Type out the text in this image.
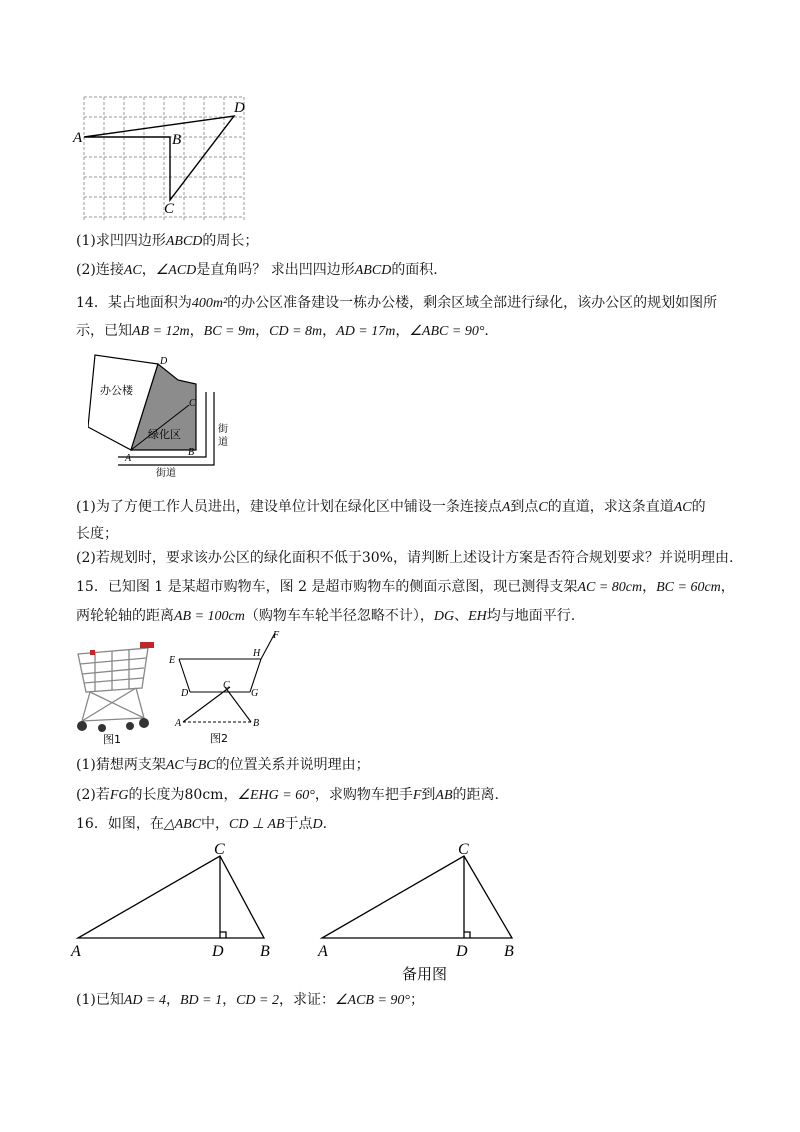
A	B
C
D
(1)求凹四边形ABCD的周长；
(2)连接AC，∠ACD是直角吗？ 求出凹四边形ABCD的面积.
14．某占地面积为400m²的办公区准备建设一栋办公楼，剩余区域全部进行绿化，该办公区的规划如图所
示，已知AB = 12m，BC = 9m，CD = 8m，AD = 17m，∠ABC = 90°.
办公楼
绿化区
街道
街
道
A
B
C
D
(1)为了方便工作人员进出，建设单位计划在绿化区中铺设一条连接点A到点C的直道，求这条直道AC的
长度；
(2)若规划时，要求该办公区的绿化面积不低于30%，请判断上述设计方案是否符合规划要求？并说明理由.
15．已知图 1 是某超市购物车，图 2 是超市购物车的侧面示意图，现已测得支架AC = 80cm，BC = 60cm，
两轮轮轴的距离AB = 100cm（购物车车轮半径忽略不计），DG、EH均与地面平行.
图1
E
F
H
D
C
G
A	B
图2
(1)猜想两支架AC与BC的位置关系并说明理由；
(2)若FG的长度为80cm，∠EHG = 60°，求购物车把手F到AB的距离.
16．如图，在△ABC中，CD ⊥ AB于点D.
A	D B
C
A	D B
C
备用图
(1)已知AD = 4，BD = 1，CD = 2，求证：∠ACB = 90°；
